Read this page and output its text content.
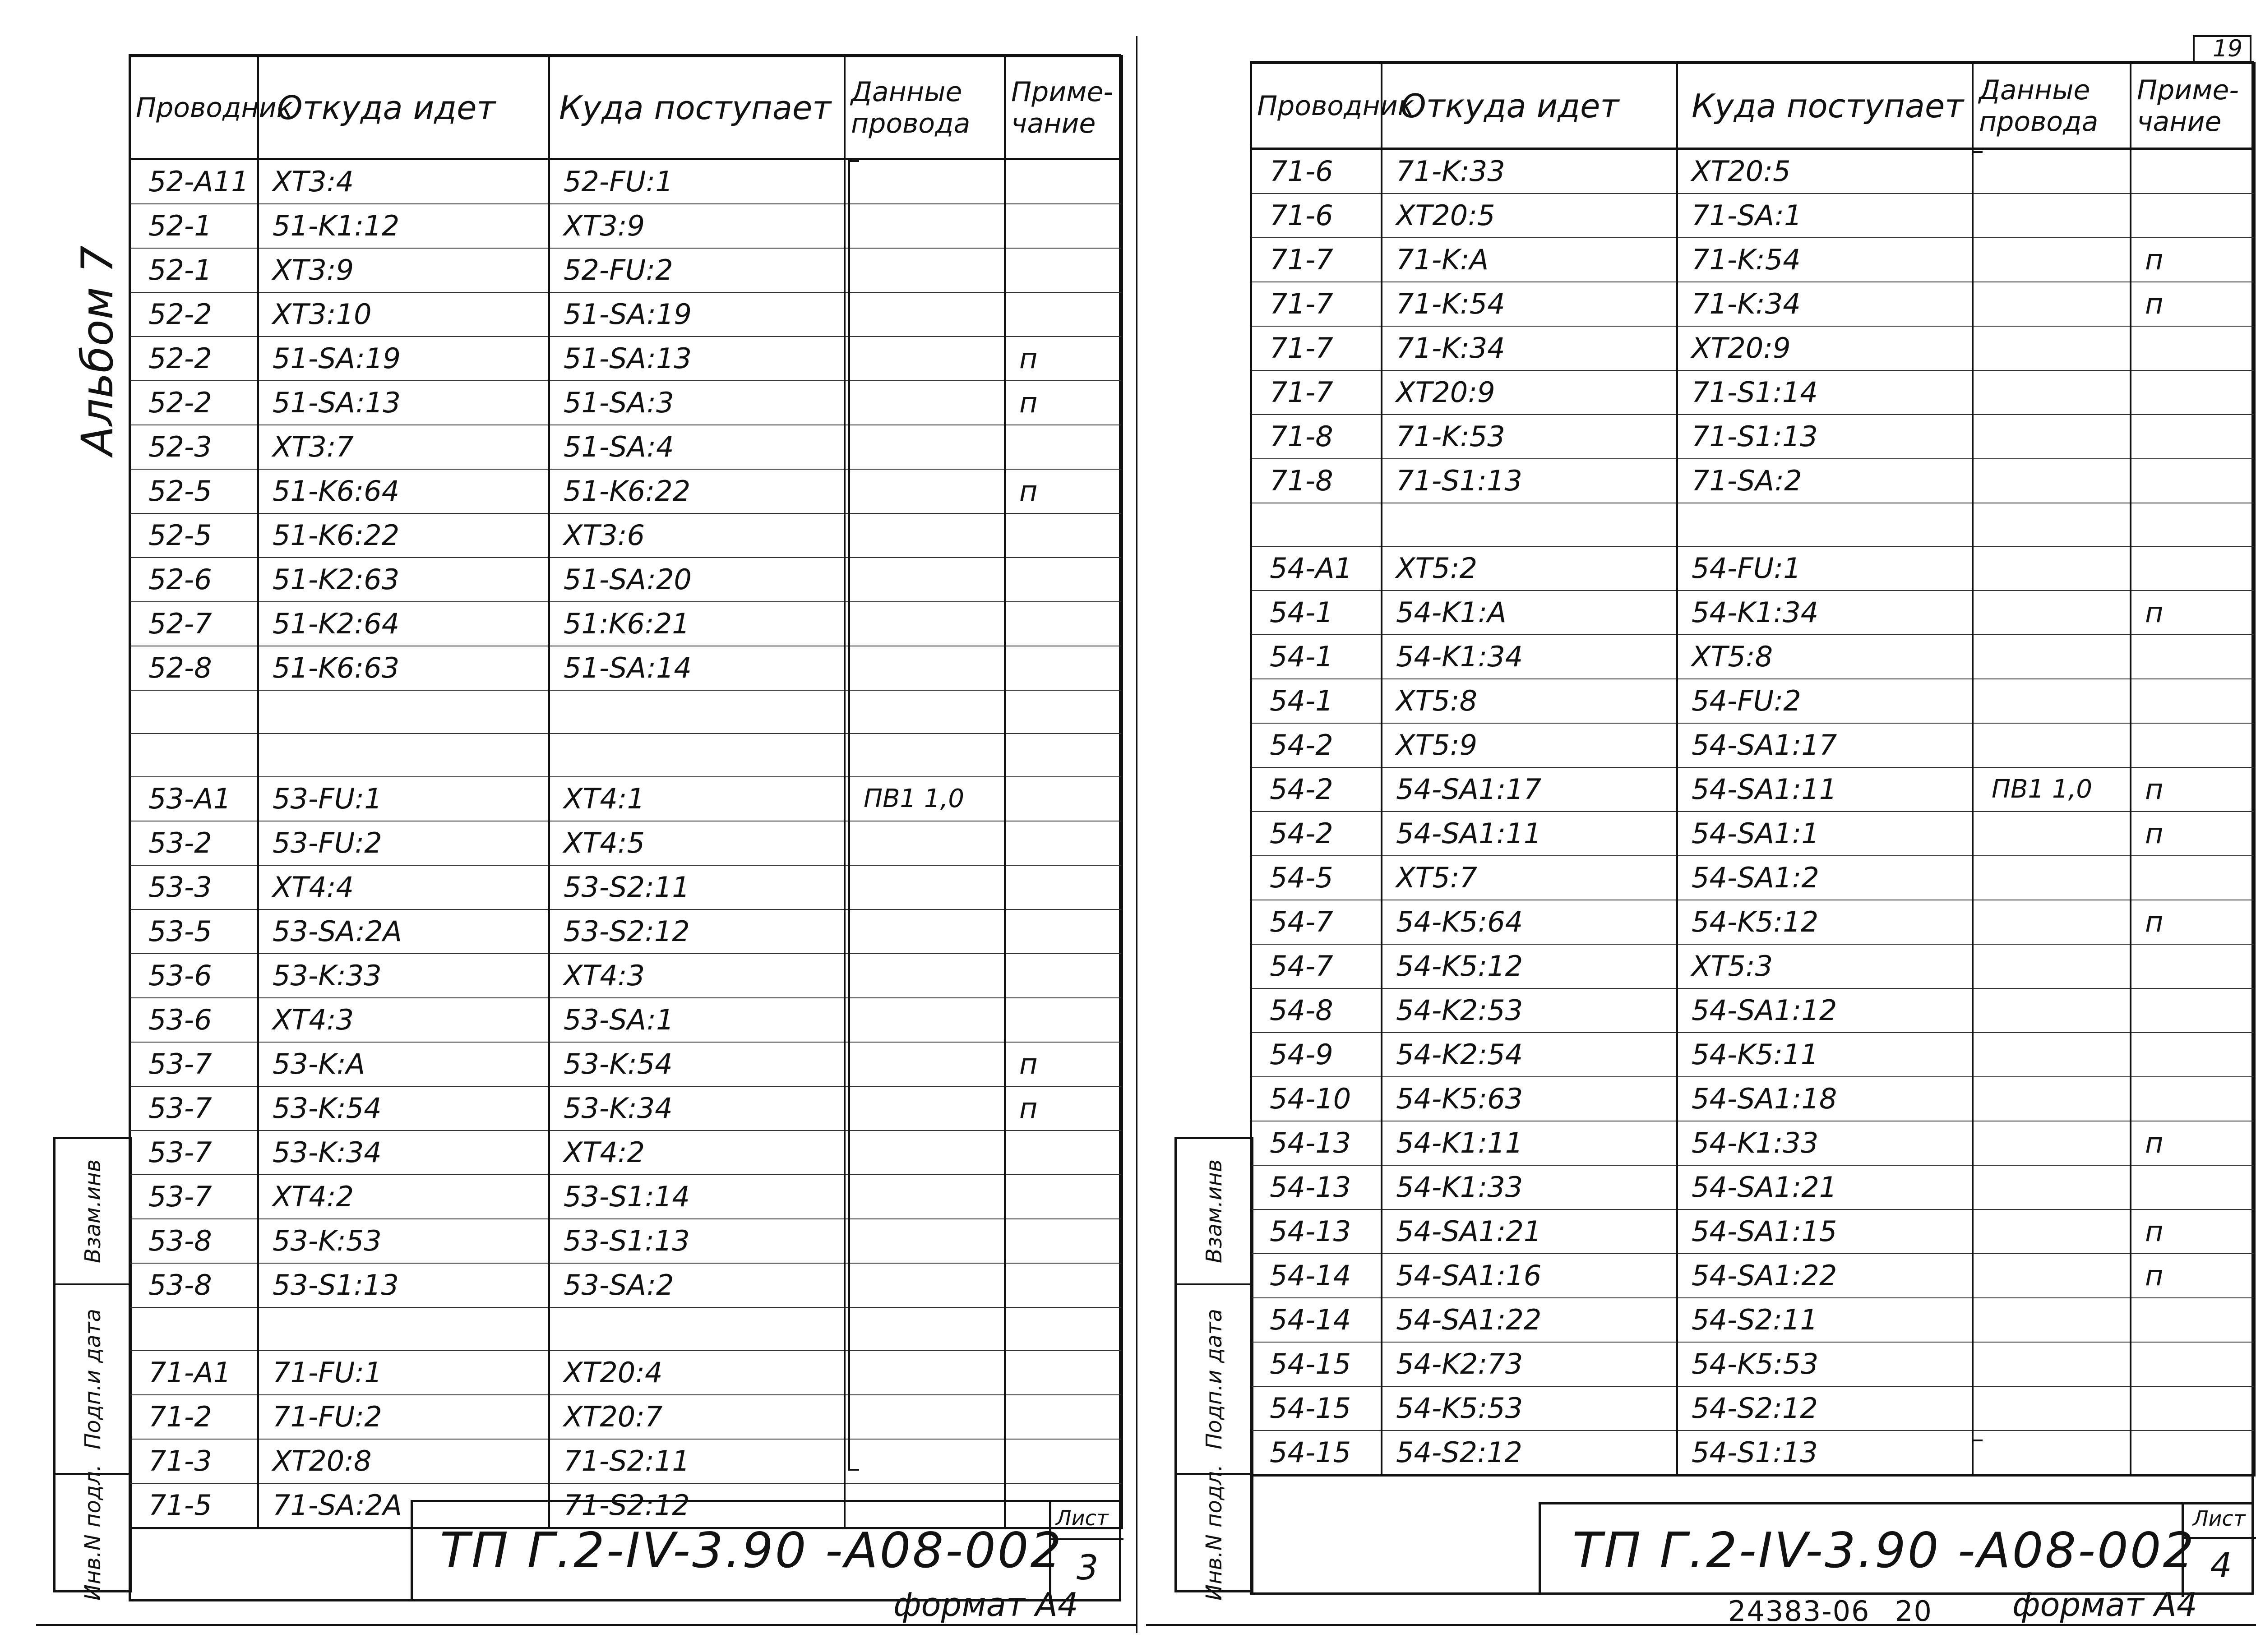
Альбом 7
Взам.инв
Подп.и дата
Инв.N подл.
Проводник	Откуда идет	Куда поступает	Данные провода	Приме-чание
52-A11	XT3:4	52-FU:1		
52-1	51-K1:12	XT3:9		
52-1	XT3:9	52-FU:2		
52-2	XT3:10	51-SA:19		
52-2	51-SA:19	51-SA:13		п
52-2	51-SA:13	51-SA:3		п
52-3	XT3:7	51-SA:4		
52-5	51-K6:64	51-K6:22		п
52-5	51-K6:22	XT3:6		
52-6	51-K2:63	51-SA:20		
52-7	51-K2:64	51:K6:21		
52-8	51-K6:63	51-SA:14		

53-A1	53-FU:1	XT4:1	ПВ1 1,0	
53-2	53-FU:2	XT4:5		
53-3	XT4:4	53-S2:11		
53-5	53-SA:2A	53-S2:12		
53-6	53-K:33	XT4:3		
53-6	XT4:3	53-SA:1		
53-7	53-K:A	53-K:54		п
53-7	53-K:54	53-K:34		п
53-7	53-K:34	XT4:2		
53-7	XT4:2	53-S1:14		
53-8	53-K:53	53-S1:13		
53-8	53-S1:13	53-SA:2		

71-A1	71-FU:1	XT20:4		
71-2	71-FU:2	XT20:7		
71-3	XT20:8	71-S2:11		
71-5	71-SA:2A	71-S2:12		
ТП Г.2-IV-3.90 -А08-002
Лист
3
формат А4
19
Взам.инв
Подп.и дата
Инв.N подл.
Проводник	Откуда идет	Куда поступает	Данные провода	Приме-чание
71-6	71-K:33	XT20:5		
71-6	XT20:5	71-SA:1		
71-7	71-K:A	71-K:54		п
71-7	71-K:54	71-K:34		п
71-7	71-K:34	XT20:9		
71-7	XT20:9	71-S1:14		
71-8	71-K:53	71-S1:13		
71-8	71-S1:13	71-SA:2		

54-A1	XT5:2	54-FU:1		
54-1	54-K1:A	54-K1:34		п
54-1	54-K1:34	XT5:8		
54-1	XT5:8	54-FU:2		
54-2	XT5:9	54-SA1:17		
54-2	54-SA1:17	54-SA1:11	ПВ1 1,0	п
54-2	54-SA1:11	54-SA1:1		п
54-5	XT5:7	54-SA1:2		
54-7	54-K5:64	54-K5:12		п
54-7	54-K5:12	XT5:3		
54-8	54-K2:53	54-SA1:12		
54-9	54-K2:54	54-K5:11		
54-10	54-K5:63	54-SA1:18		
54-13	54-K1:11	54-K1:33		п
54-13	54-K1:33	54-SA1:21		
54-13	54-SA1:21	54-SA1:15		п
54-14	54-SA1:16	54-SA1:22		п
54-14	54-SA1:22	54-S2:11		
54-15	54-K2:73	54-K5:53		
54-15	54-K5:53	54-S2:12		
54-15	54-S2:12	54-S1:13		
ТП Г.2-IV-3.90 -А08-002
Лист
4
24383-06 20 формат А4
